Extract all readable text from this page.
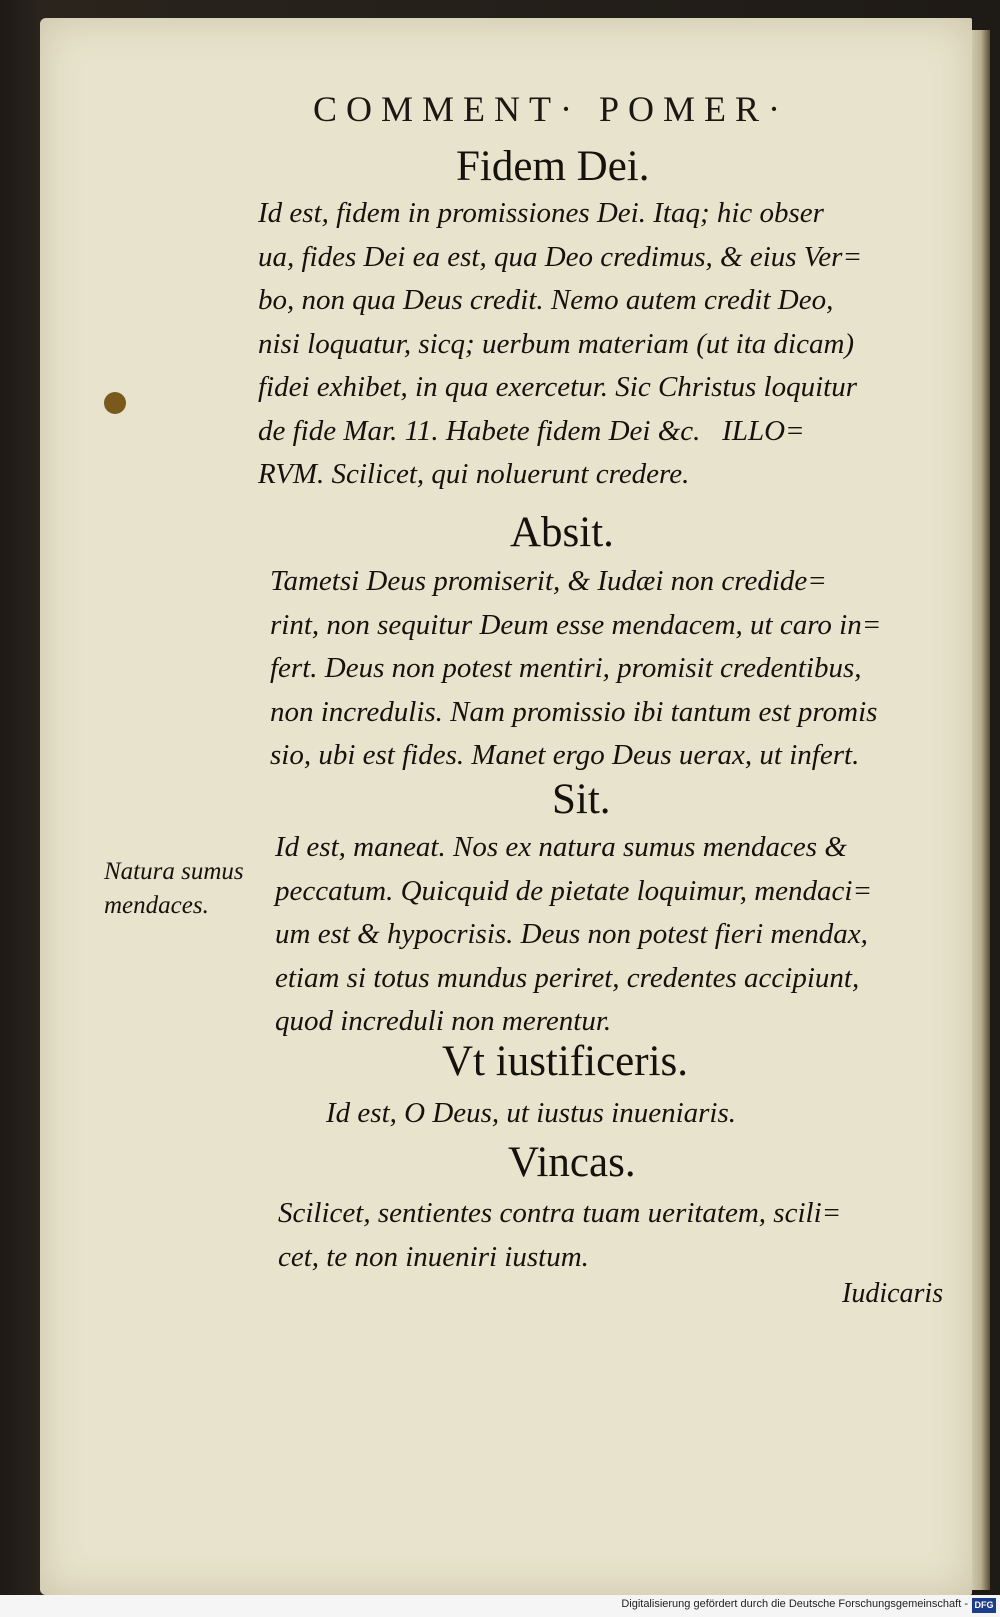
COMMENT· POMER·
Fidem Dei.
Id est, fidem in promissiones Dei. Itaq; hic obser
ua, fides Dei ea est, qua Deo credimus, & eius Ver=
bo, non qua Deus credit. Nemo autem credit Deo,
nisi loquatur, sicq; uerbum materiam (ut ita dicam)
fidei exhibet, in qua exercetur. Sic Christus loquitur
de fide Mar. 11. Habete fidem Dei &c.   ILLO=
RVM. Scilicet, qui noluerunt credere.
Absit.
Tametsi Deus promiserit, & Iudæi non credide=
rint, non sequitur Deum esse mendacem, ut caro in=
fert. Deus non potest mentiri, promisit credentibus,
non incredulis. Nam promissio ibi tantum est promis
sio, ubi est fides. Manet ergo Deus uerax, ut infert.
Sit.
Id est, maneat. Nos ex natura sumus mendaces &
peccatum. Quicquid de pietate loquimur, mendaci=
um est & hypocrisis. Deus non potest fieri mendax,
etiam si totus mundus periret, credentes accipiunt,
quod increduli non merentur.
Natura sumus
mendaces.
Vt iustificeris.
Id est, O Deus, ut iustus inueniaris.
Vincas.
Scilicet, sentientes contra tuam ueritatem, scili=
cet, te non inueniri iustum.
Iudicaris
Digitalisierung gefördert durch die Deutsche Forschungsgemeinschaft - DFG
